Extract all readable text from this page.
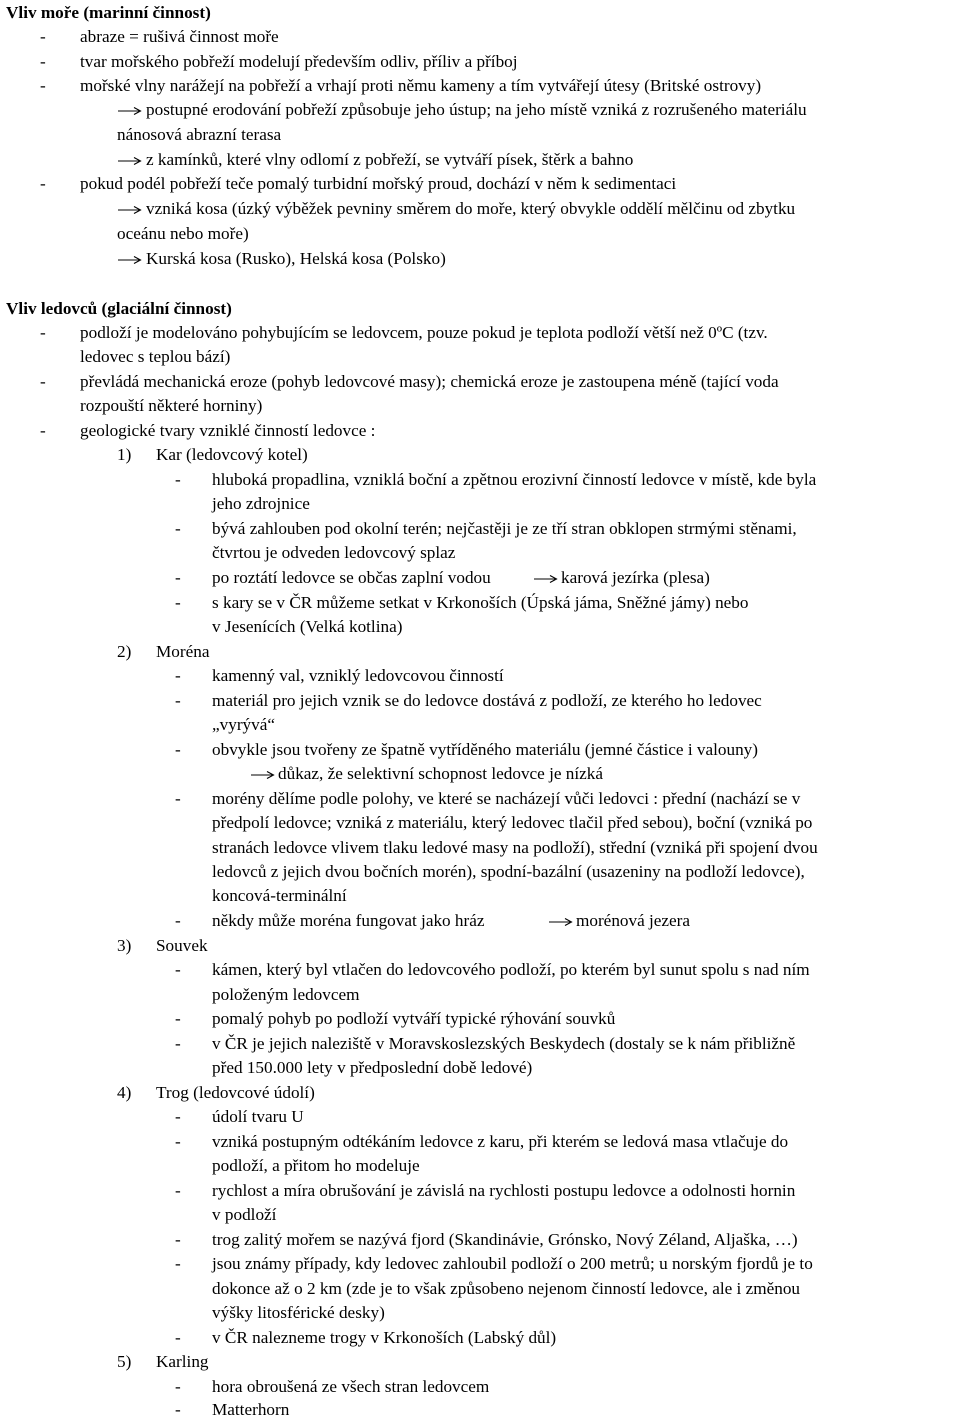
Vliv moře (marinní činnost)
- abraze = rušivá činnost moře
- tvar mořského pobřeží modelují především odliv, příliv a příboj
- mořské vlny narážejí na pobřeží a vrhají proti němu kameny a tím vytvářejí útesy (Britské ostrovy)
postupné erodování pobřeží způsobuje jeho ústup; na jeho místě vzniká z rozrušeného materiálu
nánosová abrazní terasa
z kamínků, které vlny odlomí z pobřeží, se vytváří písek, štěrk a bahno
- pokud podél pobřeží teče pomalý turbidní mořský proud, dochází v něm k sedimentaci
vzniká kosa (úzký výběžek pevniny směrem do moře, který obvykle oddělí mělčinu od zbytku
oceánu nebo moře)
Kurská kosa (Rusko), Helská kosa (Polsko)
Vliv ledovců (glaciální činnost)
- podloží je modelováno pohybujícím se ledovcem, pouze pokud je teplota podloží větší než 0ºC (tzv.
ledovec s teplou bází)
- převládá mechanická eroze (pohyb ledovcové masy); chemická eroze je zastoupena méně (tající voda
rozpouští některé horniny)
- geologické tvary vzniklé činností ledovce :
1) Kar (ledovcový kotel)
- hluboká propadlina, vzniklá boční a zpětnou erozivní činností ledovce v místě, kde byla
jeho zdrojnice
- bývá zahlouben pod okolní terén; nejčastěji je ze tří stran obklopen strmými stěnami,
čtvrtou je odveden ledovcový splaz
- po roztátí ledovce se občas zaplní vodou	karová jezírka (plesa)
- s kary se v ČR můžeme setkat v Krkonoších (Úpská jáma, Sněžné jámy) nebo
v Jesenících (Velká kotlina)
2) Moréna
- kamenný val, vzniklý ledovcovou činností
- materiál pro jejich vznik se do ledovce dostává z podloží, ze kterého ho ledovec
„vyrývá“
- obvykle jsou tvořeny ze špatně vytříděného materiálu (jemné částice i valouny)
důkaz, že selektivní schopnost ledovce je nízká
- morény dělíme podle polohy, ve které se nacházejí vůči ledovci : přední (nachází se v
předpolí ledovce; vzniká z materiálu, který ledovec tlačil před sebou), boční (vzniká po
stranách ledovce vlivem tlaku ledové masy na podloží), střední (vzniká při spojení dvou
ledovců z jejich dvou bočních morén), spodní-bazální (usazeniny na podloží ledovce),
koncová-terminální
- někdy může moréna fungovat jako hráz	morénová jezera
3) Souvek
- kámen, který byl vtlačen do ledovcového podloží, po kterém byl sunut spolu s nad ním
položeným ledovcem
- pomalý pohyb po podloží vytváří typické rýhování souvků
- v ČR je jejich naleziště v Moravskoslezských Beskydech (dostaly se k nám přibližně
před 150.000 lety v předposlední době ledové)
4) Trog (ledovcové údolí)
- údolí tvaru U
- vzniká postupným odtékáním ledovce z karu, při kterém se ledová masa vtlačuje do
podloží, a přitom ho modeluje
- rychlost a míra obrušování je závislá na rychlosti postupu ledovce a odolnosti hornin
v podloží
- trog zalitý mořem se nazývá fjord (Skandinávie, Grónsko, Nový Zéland, Aljaška, …)
- jsou známy případy, kdy ledovec zahloubil podloží o 200 metrů; u norským fjordů je to
dokonce až o 2 km (zde je to však způsobeno nejenom činností ledovce, ale i změnou
výšky litosférické desky)
- v ČR nalezneme trogy v Krkonoších (Labský důl)
5) Karling
- hora obroušená ze všech stran ledovcem
- Matterhorn
